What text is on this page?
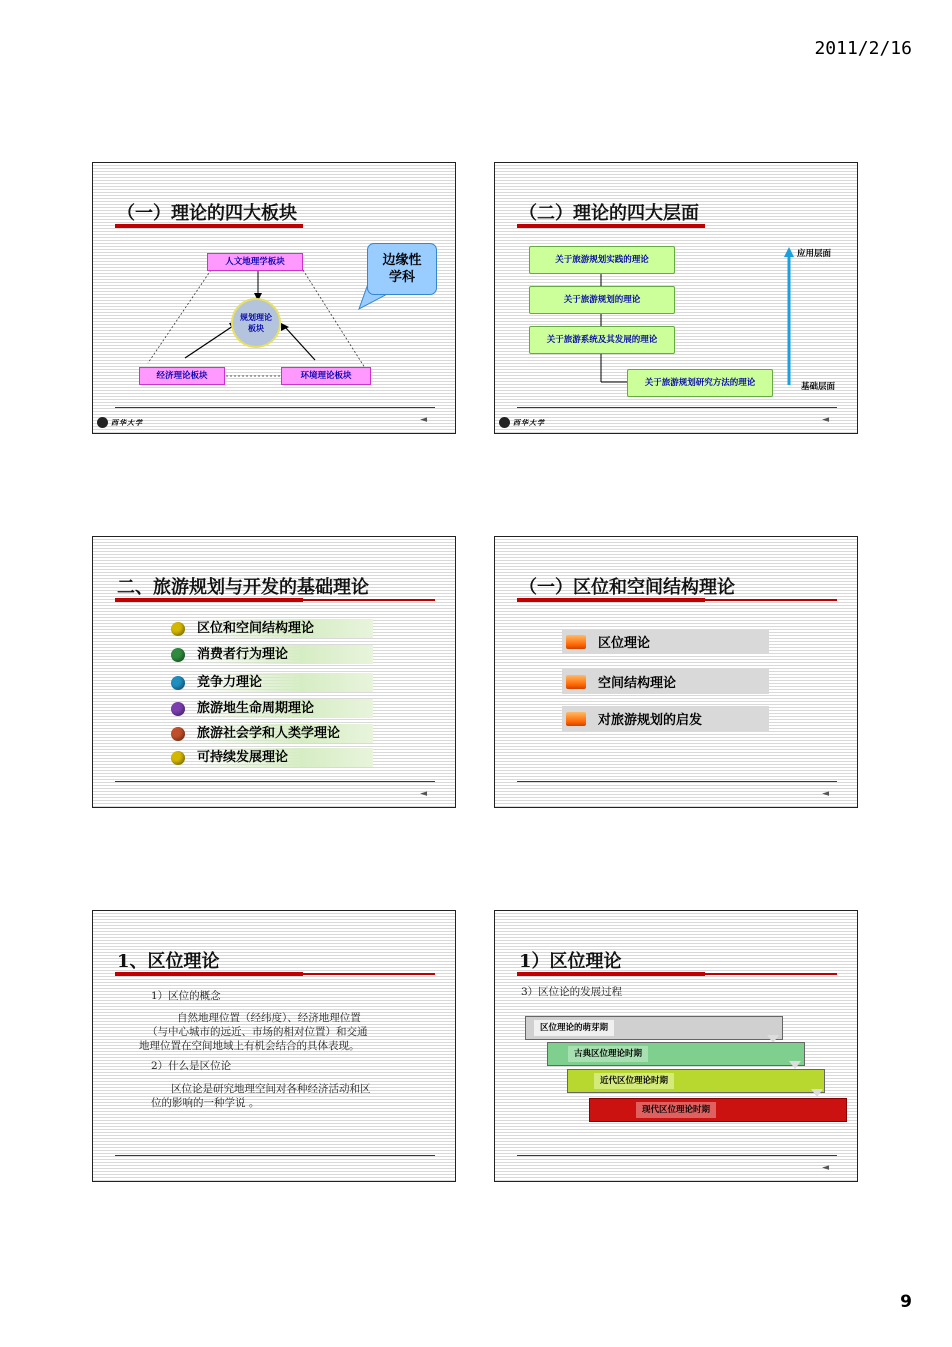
2011/2/16
（一）理论的四大板块
人文地理学板块
规划理论
板块
经济理论板块	环境理论板块
边缘性
学科
西华大学	◄
（二）理论的四大层面
关于旅游规划实践的理论
关于旅游规划的理论
关于旅游系统及其发展的理论
关于旅游规划研究方法的理论
应用层面
基础层面
西华大学	◄
二、旅游规划与开发的基础理论
区位和空间结构理论
消费者行为理论
竞争力理论
旅游地生命周期理论
旅游社会学和人类学理论
可持续发展理论
◄
（一）区位和空间结构理论
区位理论
空间结构理论
对旅游规划的启发
◄
1、区位理论
1）区位的概念
自然地理位置（经纬度）、经济地理位置
（与中心城市的远近、市场的相对位置）和交通
地理位置在空间地域上有机会结合的具体表现。
2）什么是区位论
区位论是研究地理空间对各种经济活动和区
位的影响的一种学说 。
1）区位理论
3）区位论的发展过程
区位理论的萌芽期
古典区位理论时期
近代区位理论时期
现代区位理论时期
◄
9
